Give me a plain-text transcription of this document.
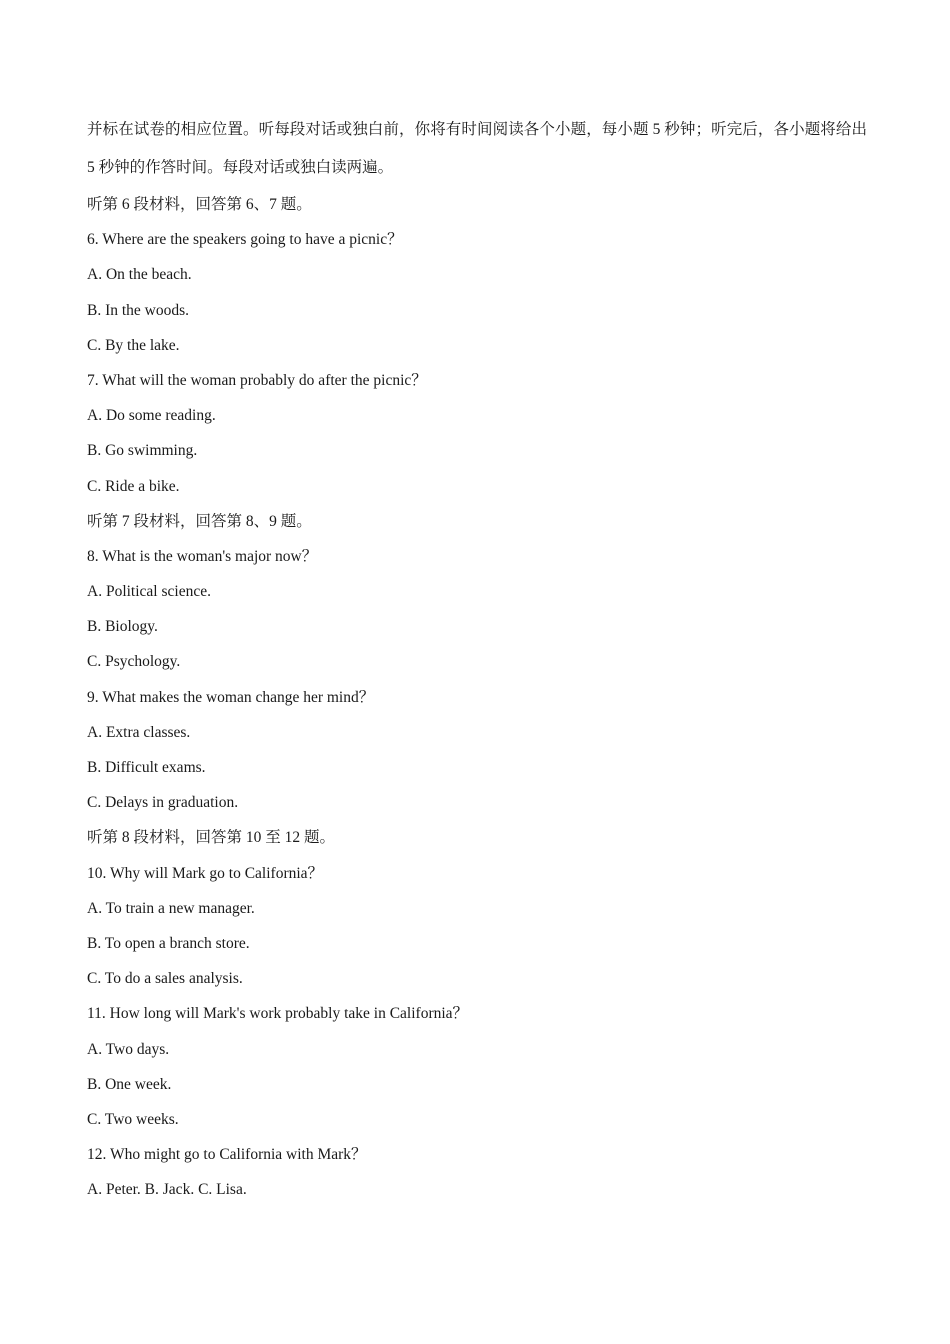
并标在试卷的相应位置。听每段对话或独白前，你将有时间阅读各个小题，每小题 5 秒钟；听完后，各小题将给出 5 秒钟的作答时间。每段对话或独白读两遍。

听第 6 段材料，回答第 6、7 题。
6. Where are the speakers going to have a picnic？
A. On the beach.
B. In the woods.
C. By the lake.
7. What will the woman probably do after the picnic？
A. Do some reading.
B. Go swimming.
C. Ride a bike.
听第 7 段材料，回答第 8、9 题。
8. What is the woman's major now？
A. Political science.
B. Biology.
C. Psychology.
9. What makes the woman change her mind？
A. Extra classes.
B. Difficult exams.
C. Delays in graduation.
听第 8 段材料，回答第 10 至 12 题。
10. Why will Mark go to California？
A. To train a new manager.
B. To open a branch store.
C. To do a sales analysis.
11. How long will Mark's work probably take in California？
A. Two days.
B. One week.
C. Two weeks.
12. Who might go to California with Mark？
A. Peter. B. Jack. C. Lisa.
